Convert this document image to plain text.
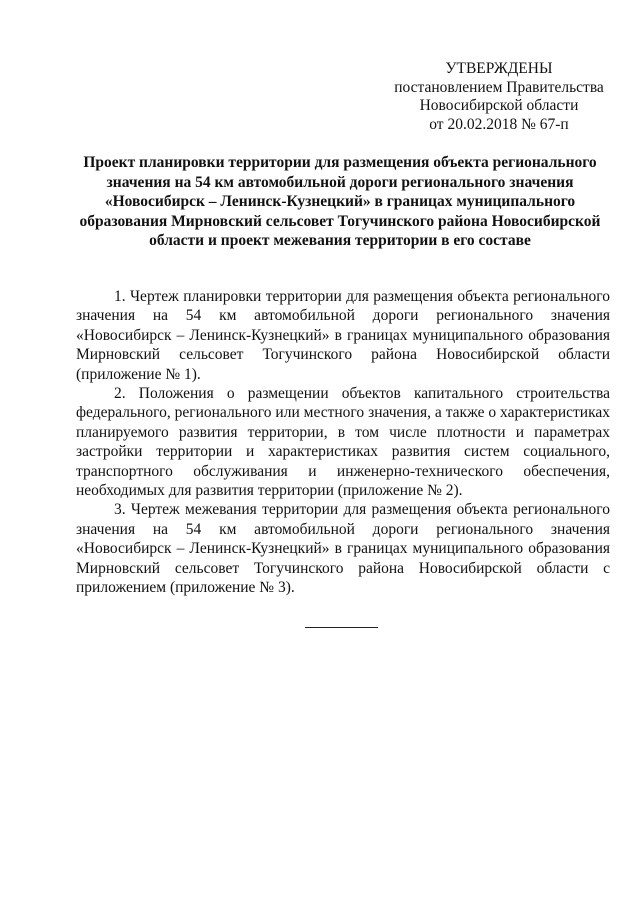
УТВЕРЖДЕНЫ
постановлением Правительства
Новосибирской области
от 20.02.2018 № 67-п
Проект планировки территории для размещения объекта регионального значения на 54 км автомобильной дороги регионального значения «Новосибирск – Ленинск-Кузнецкий» в границах муниципального образования Мирновский сельсовет Тогучинского района Новосибирской области и проект межевания территории в его составе

1. Чертеж планировки территории для размещения объекта регионального значения на 54 км автомобильной дороги регионального значения «Новосибирск – Ленинск-Кузнецкий» в границах муниципального образования Мирновский сельсовет Тогучинского района Новосибирской области (приложение № 1).

2. Положения о размещении объектов капитального строительства федерального, регионального или местного значения, а также о характеристиках планируемого развития территории, в том числе плотности и параметрах застройки территории и характеристиках развития систем социального, транспортного обслуживания и инженерно-технического обеспечения, необходимых для развития территории (приложение № 2).

3. Чертеж межевания территории для размещения объекта регионального значения на 54 км автомобильной дороги регионального значения «Новосибирск – Ленинск-Кузнецкий» в границах муниципального образования Мирновский сельсовет Тогучинского района Новосибирской области с приложением (приложение № 3).
